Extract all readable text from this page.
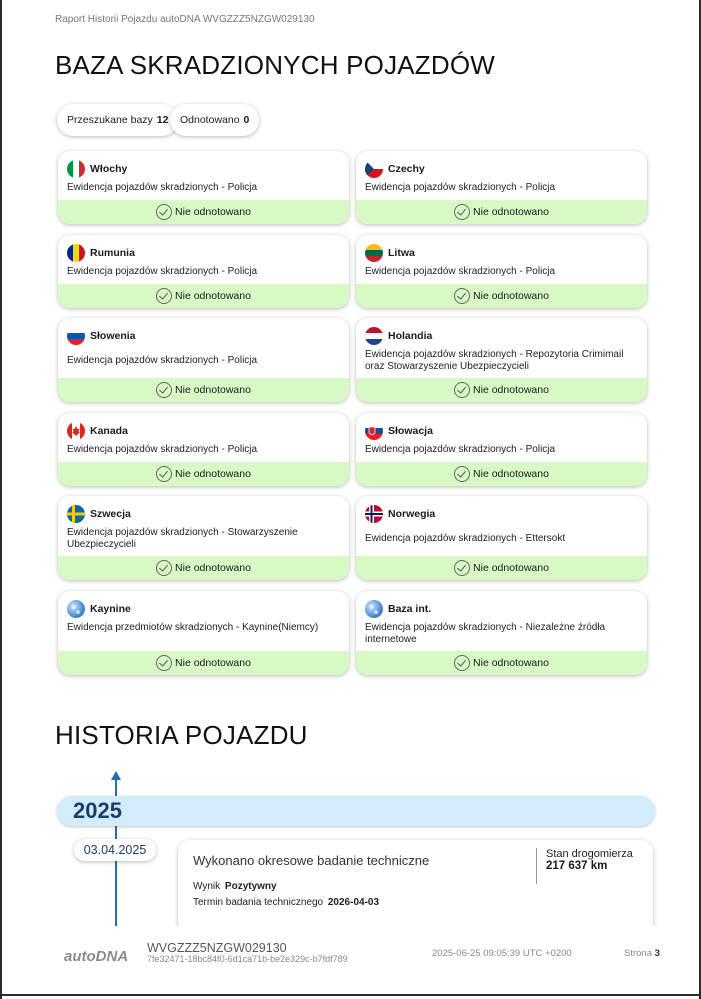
Raport Historii Pojazdu autoDNA WVGZZZ5NZGW029130
BAZA SKRADZIONYCH POJAZDÓW
Przeszukane bazy 12 Odnotowano 0
Włochy
Ewidencja pojazdów skradzionych - Policja
Nie odnotowano
Czechy
Ewidencja pojazdów skradzionych - Policja
Nie odnotowano
Rumunia
Ewidencja pojazdów skradzionych - Policja
Nie odnotowano
Litwa
Ewidencja pojazdów skradzionych - Policja
Nie odnotowano
Słowenia
Ewidencja pojazdów skradzionych - Policja
Nie odnotowano
Holandia
Ewidencja pojazdów skradzionych - Repozytoria Crimimail oraz Stowarzyszenie Ubezpieczycieli
Nie odnotowano
Kanada
Ewidencja pojazdów skradzionych - Policja
Nie odnotowano
Słowacja
Ewidencja pojazdów skradzionych - Policja
Nie odnotowano
Szwecja
Ewidencja pojazdów skradzionych - Stowarzyszenie Ubezpieczycieli
Nie odnotowano
Norwegia
Ewidencja pojazdów skradzionych - Ettersokt
Nie odnotowano
Kaynine
Ewidencja przedmiotów skradzionych - Kaynine(Niemcy)
Nie odnotowano
Baza int.
Ewidencja pojazdów skradzionych - Niezależne źródła internetowe
Nie odnotowano
HISTORIA POJAZDU
2025
03.04.2025
Wykonano okresowe badanie techniczne	Stan drogomierza
217 637 km
Wynik Pozytywny
Termin badania technicznego 2026-04-03
autoDNA WVGZZZ5NZGW029130
7fe32471-18bc84f0-6d1ca71b-be2e329c-b7fdf789	2025-06-25 09:05:39 UTC +0200	Strona 3
